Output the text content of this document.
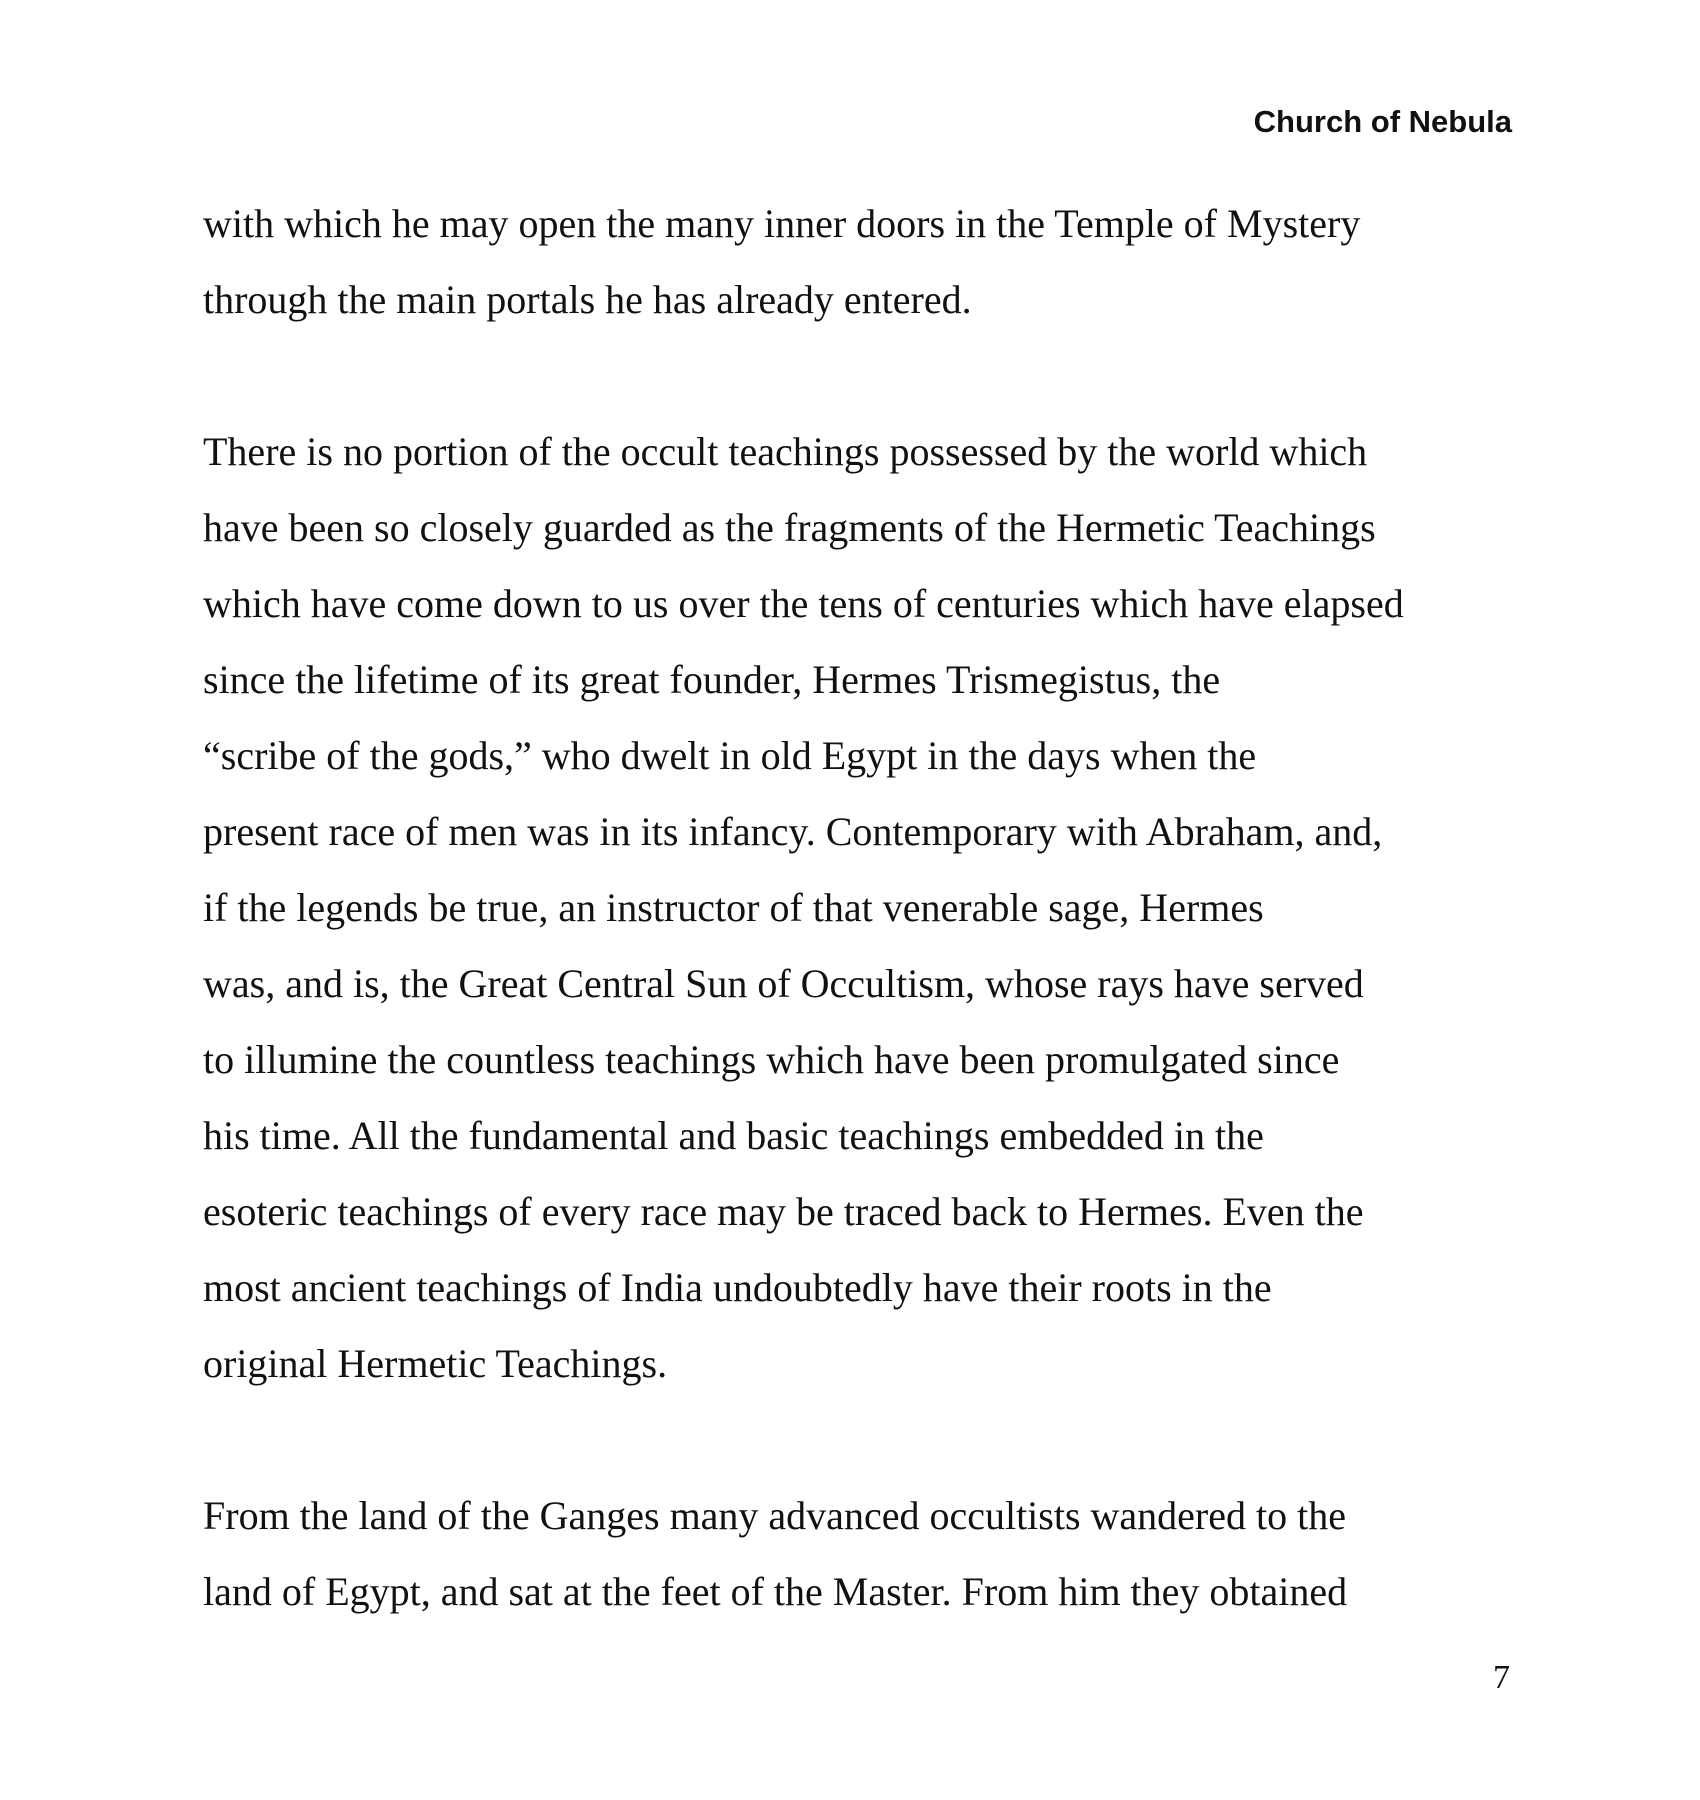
Church of Nebula
with which he may open the many inner doors in the Temple of Mystery
through the main portals he has already entered.
There is no portion of the occult teachings possessed by the world which
have been so closely guarded as the fragments of the Hermetic Teachings
which have come down to us over the tens of centuries which have elapsed
since the lifetime of its great founder, Hermes Trismegistus, the
“scribe of the gods,” who dwelt in old Egypt in the days when the
present race of men was in its infancy. Contemporary with Abraham, and,
if the legends be true, an instructor of that venerable sage, Hermes
was, and is, the Great Central Sun of Occultism, whose rays have served
to illumine the countless teachings which have been promulgated since
his time. All the fundamental and basic teachings embedded in the
esoteric teachings of every race may be traced back to Hermes. Even the
most ancient teachings of India undoubtedly have their roots in the
original Hermetic Teachings.
From the land of the Ganges many advanced occultists wandered to the
land of Egypt, and sat at the feet of the Master. From him they obtained
7
